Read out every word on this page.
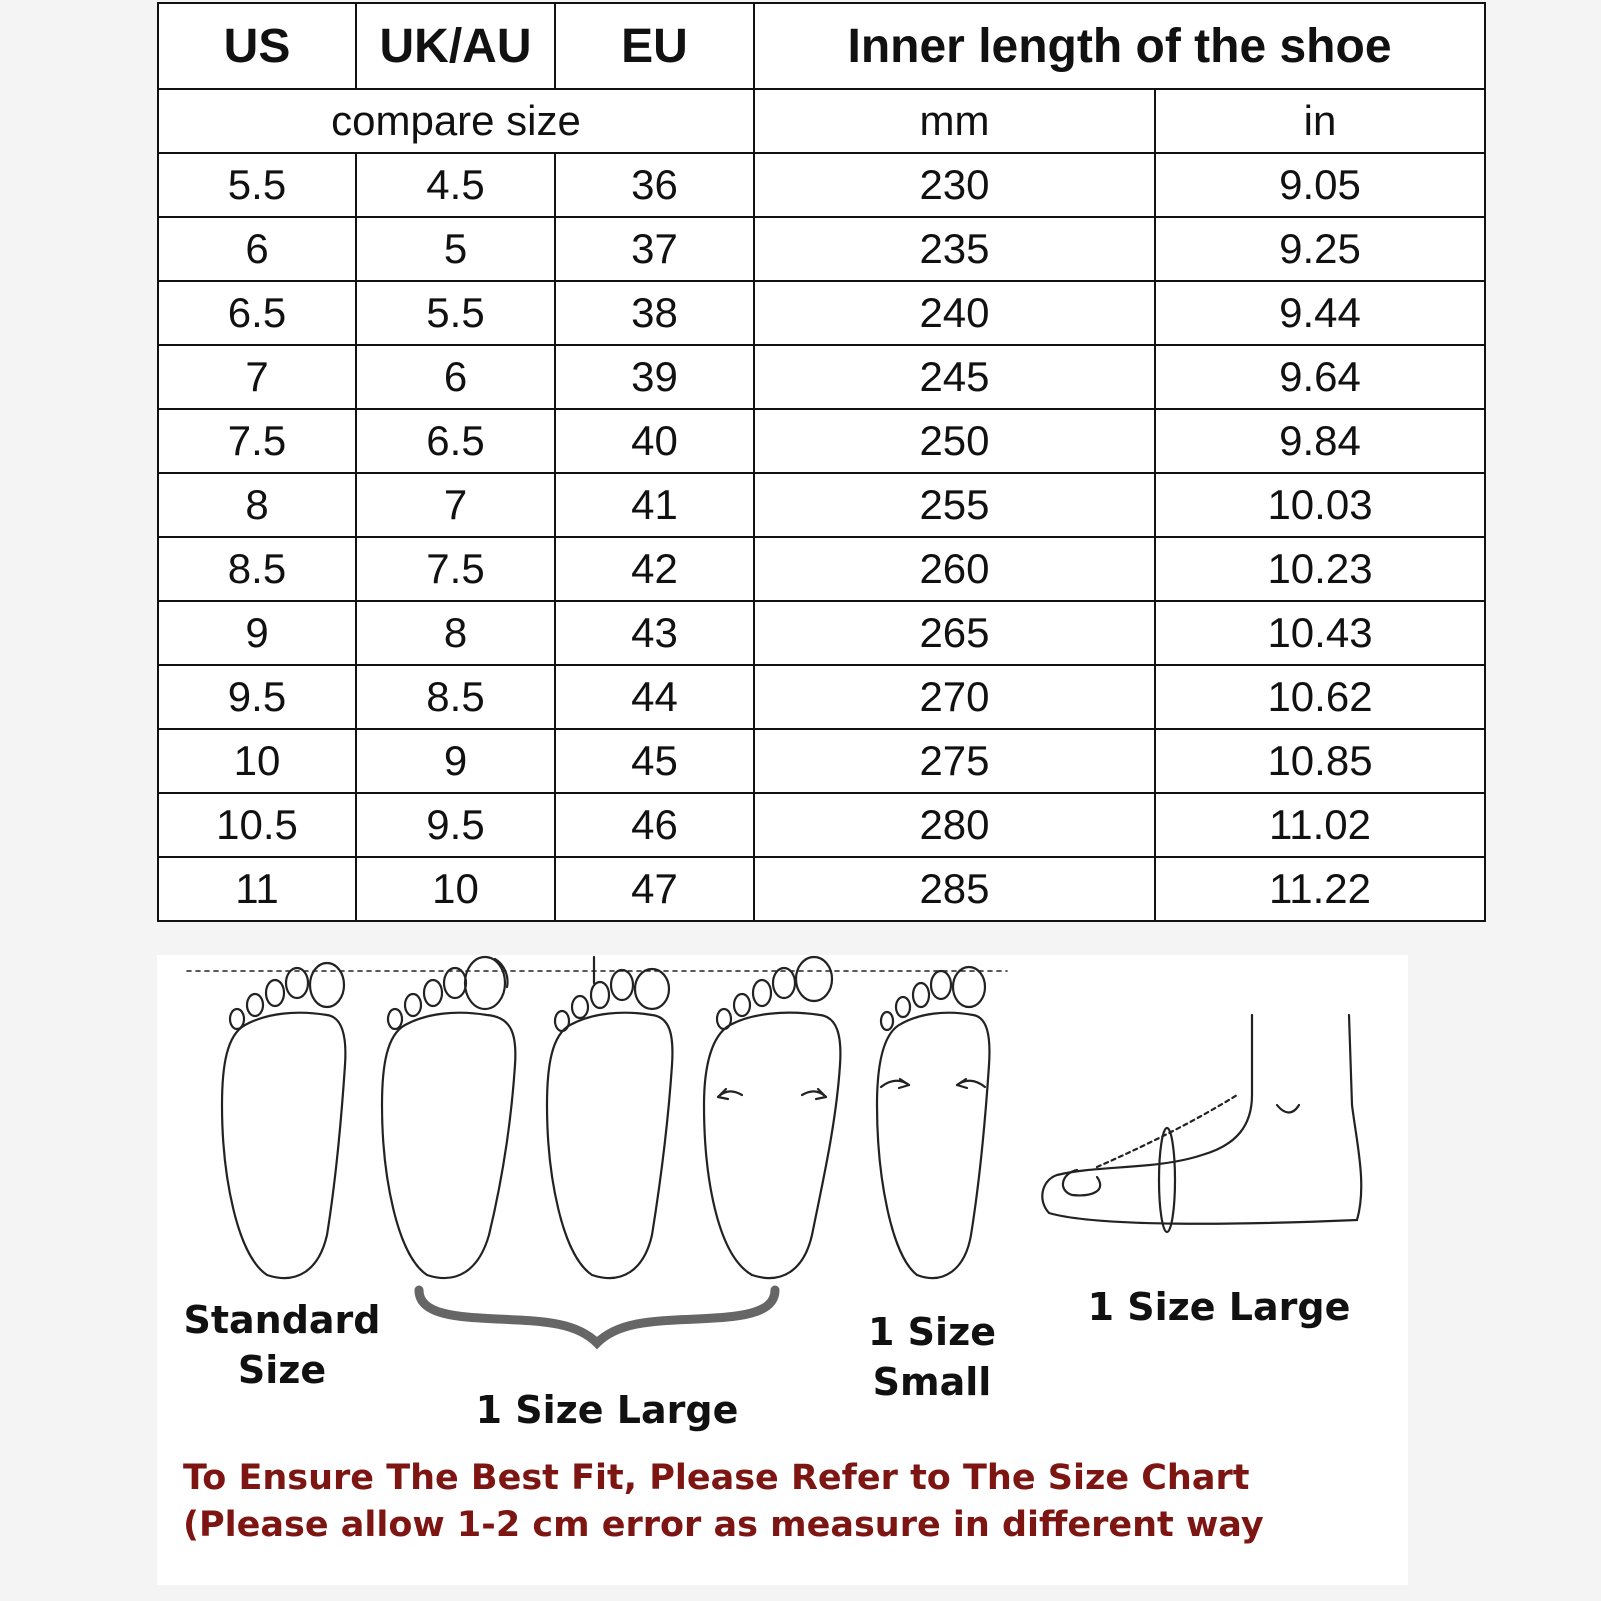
US	UK/AU	EU	Inner length of the shoe	
compare size			mm	in
5.5	4.5	36	230	9.05
6	5	37	235	9.25
6.5	5.5	38	240	9.44
7	6	39	245	9.64
7.5	6.5	40	250	9.84
8	7	41	255	10.03
8.5	7.5	42	260	10.23
9	8	43	265	10.43
9.5	8.5	44	270	10.62
10	9	45	275	10.85
10.5	9.5	46	280	11.02
11	10	47	285	11.22
Standard
Size
1 Size Large
1 Size
Small
1 Size Large
To Ensure The Best Fit, Please Refer to The Size Chart
(Please allow 1-2 cm error as measure in different way
